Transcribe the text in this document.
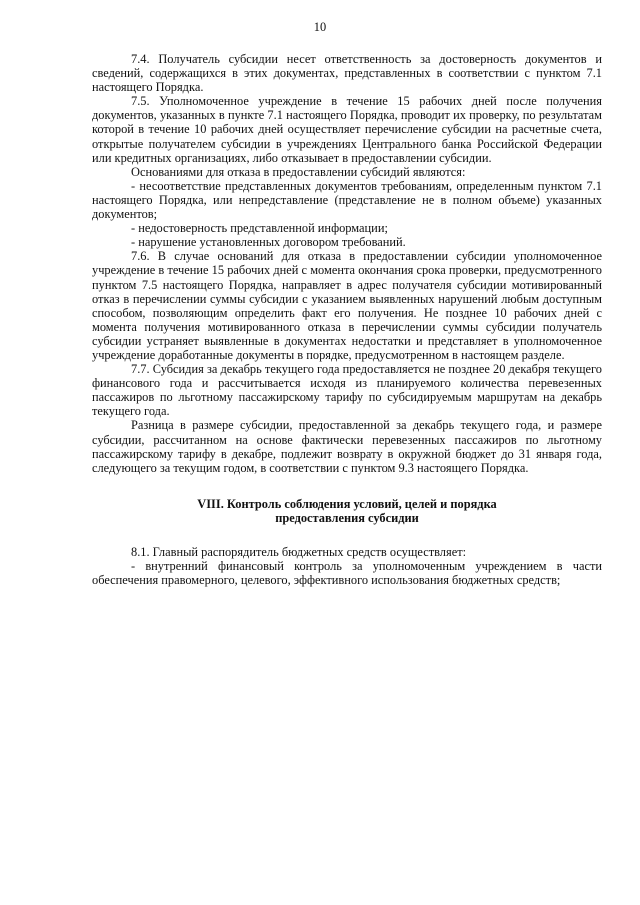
10

7.4. Получатель субсидии несет ответственность за достоверность документов и сведений, содержащихся в этих документах, представленных в соответствии с пунктом 7.1 настоящего Порядка.

7.5. Уполномоченное учреждение в течение 15 рабочих дней после получения документов, указанных в пункте 7.1 настоящего Порядка, проводит их проверку, по результатам которой в течение 10 рабочих дней осуществляет перечисление субсидии на расчетные счета, открытые получателем субсидии в учреждениях Центрального банка Российской Федерации или кредитных организациях, либо отказывает в предоставлении субсидии.

Основаниями для отказа в предоставлении субсидий являются:

- несоответствие представленных документов требованиям, определенным пунктом 7.1 настоящего Порядка, или непредставление (представление не в полном объеме) указанных документов;

- недостоверность представленной информации;

- нарушение установленных договором требований.

7.6. В случае оснований для отказа в предоставлении субсидии уполномоченное учреждение в течение 15 рабочих дней с момента окончания срока проверки, предусмотренного пунктом 7.5 настоящего Порядка, направляет в адрес получателя субсидии мотивированный отказ в перечислении суммы субсидии с указанием выявленных нарушений любым доступным способом, позволяющим определить факт его получения. Не позднее 10 рабочих дней с момента получения мотивированного отказа в перечислении суммы субсидии получатель субсидии устраняет выявленные в документах недостатки и представляет в уполномоченное учреждение доработанные документы в порядке, предусмотренном в настоящем разделе.

7.7. Субсидия за декабрь текущего года предоставляется не позднее 20 декабря текущего финансового года и рассчитывается исходя из планируемого количества перевезенных пассажиров по льготному пассажирскому тарифу по субсидируемым маршрутам на декабрь текущего года.

Разница в размере субсидии, предоставленной за декабрь текущего года, и размере субсидии, рассчитанном на основе фактически перевезенных пассажиров по льготному пассажирскому тарифу в декабре, подлежит возврату в окружной бюджет до 31 января года, следующего за текущим годом, в соответствии с пунктом 9.3 настоящего Порядка.

VIII. Контроль соблюдения условий, целей и порядка
предоставления субсидии

8.1. Главный распорядитель бюджетных средств осуществляет:

- внутренний финансовый контроль за уполномоченным учреждением в части обеспечения правомерного, целевого, эффективного использования бюджетных средств;
